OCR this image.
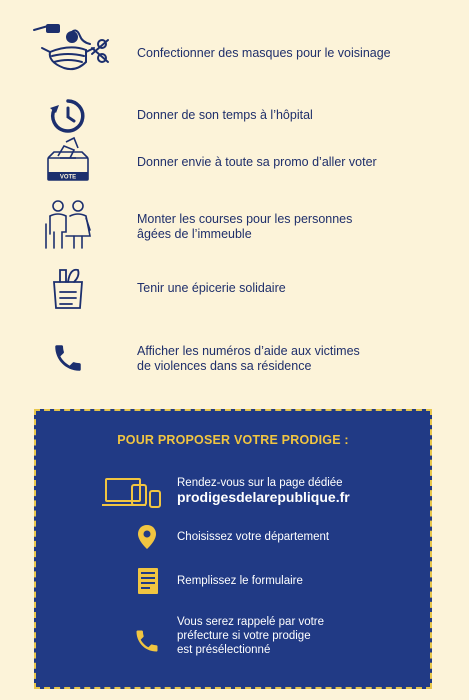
Confectionner des masques pour le voisinage
Donner de son temps à l’hôpital
VOTE
Donner envie à toute sa promo d’aller voter
Monter les courses pour les personnes
âgées de l’immeuble
Tenir une épicerie solidaire
Afficher les numéros d’aide aux victimes
de violences dans sa résidence
POUR PROPOSER VOTRE PRODIGE :
Rendez-vous sur la page dédiée
prodigesdelarepublique.fr
Choisissez votre département
Remplissez le formulaire
Vous serez rappelé par votre
préfecture si votre prodige
est présélectionné
